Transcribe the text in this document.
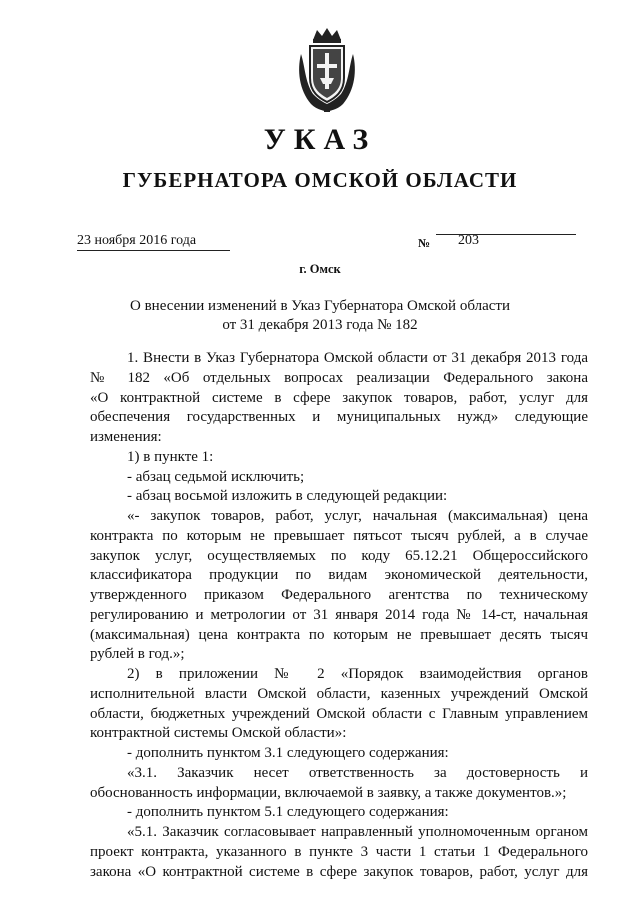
УКАЗ
ГУБЕРНАТОРА ОМСКОЙ ОБЛАСТИ
23 ноября 2016 года	№ 203
г. Омск
О внесении изменений в Указ Губернатора Омской области
от 31 декабря 2013 года № 182
1. Внести в Указ Губернатора Омской области от 31 декабря 2013 года
№ 182 «Об отдельных вопросах реализации Федерального закона
«О контрактной системе в сфере закупок товаров, работ, услуг для
обеспечения государственных и муниципальных нужд» следующие
изменения:
1) в пункте 1:
- абзац седьмой исключить;
- абзац восьмой изложить в следующей редакции:
«- закупок товаров, работ, услуг, начальная (максимальная) цена
контракта по которым не превышает пятьсот тысяч рублей, а в случае
закупок услуг, осуществляемых по коду 65.12.21 Общероссийского
классификатора продукции по видам экономической деятельности,
утвержденного приказом Федерального агентства по техническому
регулированию и метрологии от 31 января 2014 года № 14-ст, начальная
(максимальная) цена контракта по которым не превышает десять тысяч
рублей в год.»;
2) в приложении № 2 «Порядок взаимодействия органов
исполнительной власти Омской области, казенных учреждений Омской
области, бюджетных учреждений Омской области с Главным управлением
контрактной системы Омской области»:
- дополнить пунктом 3.1 следующего содержания:
«3.1. Заказчик несет ответственность за достоверность и
обоснованность информации, включаемой в заявку, а также документов.»;
- дополнить пунктом 5.1 следующего содержания:
«5.1. Заказчик согласовывает направленный уполномоченным органом
проект контракта, указанного в пункте 3 части 1 статьи 1 Федерального
закона «О контрактной системе в сфере закупок товаров, работ, услуг для
